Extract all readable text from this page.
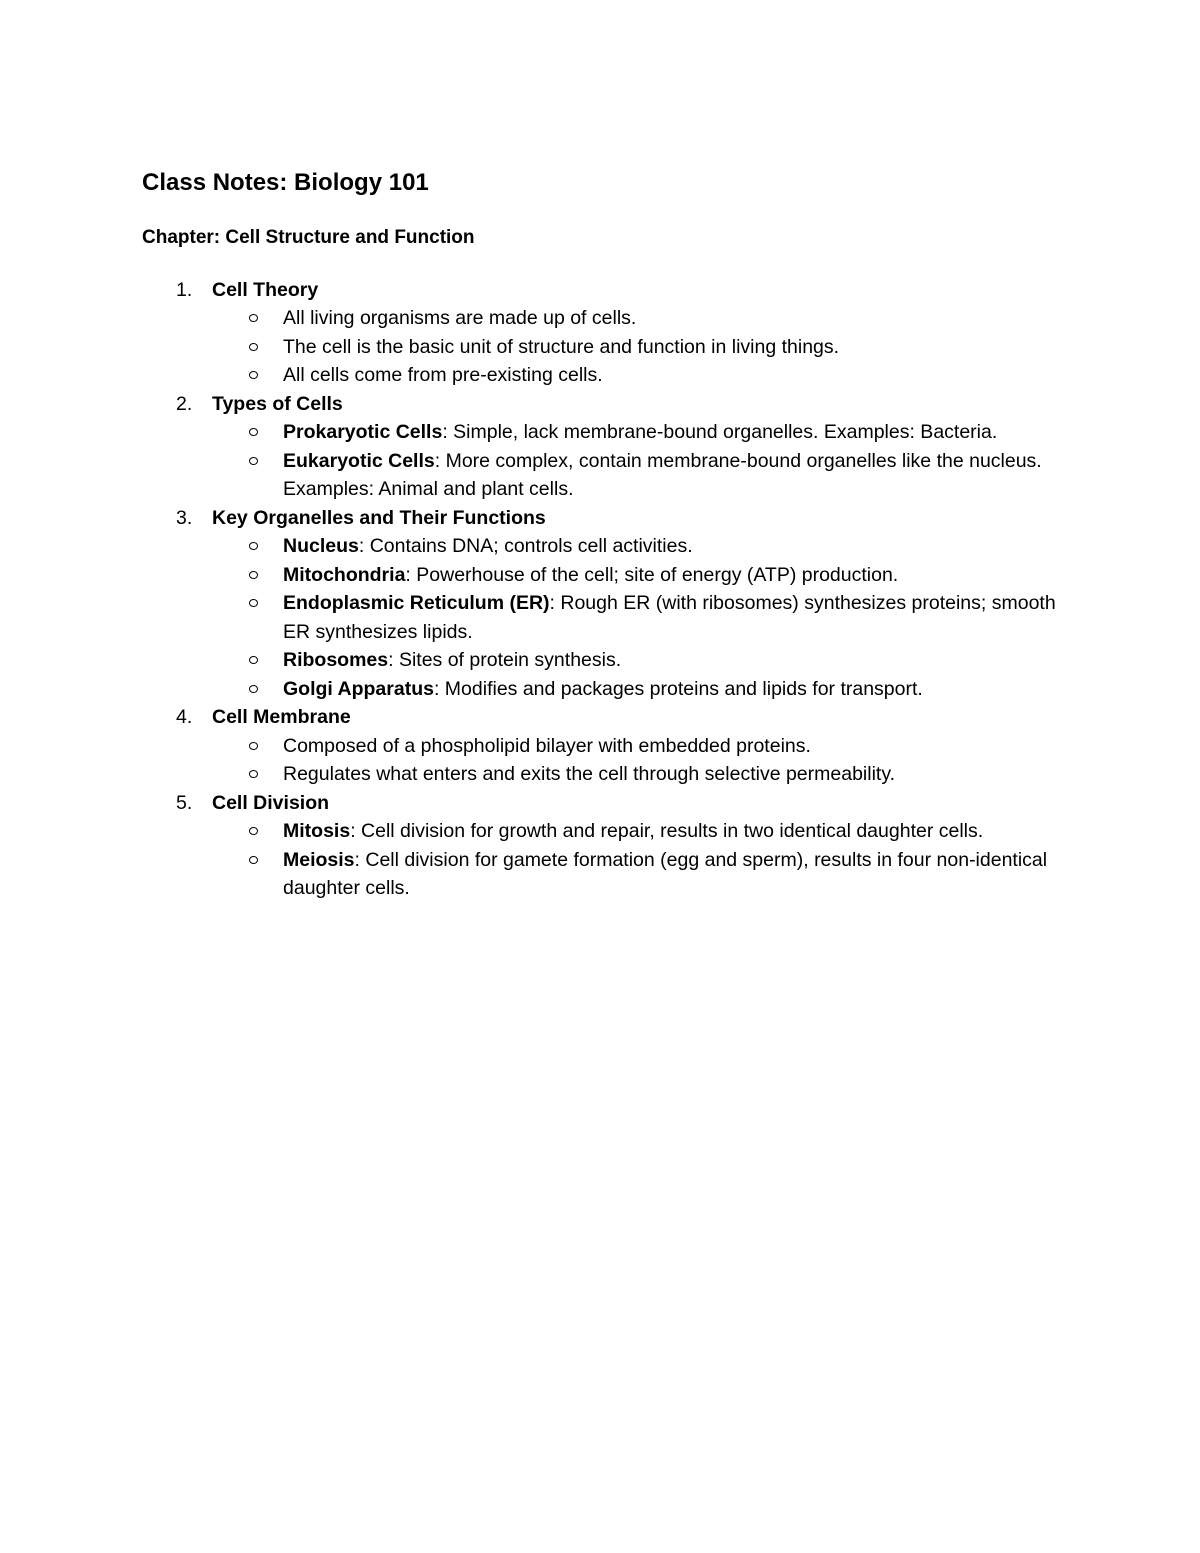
Class Notes: Biology 101
Chapter: Cell Structure and Function
1.	Cell Theory
All living organisms are made up of cells.
The cell is the basic unit of structure and function in living things.
All cells come from pre-existing cells.
2.	Types of Cells
Prokaryotic Cells: Simple, lack membrane-bound organelles. Examples: Bacteria.
Eukaryotic Cells: More complex, contain membrane-bound organelles like the nucleus. Examples: Animal and plant cells.
3.	Key Organelles and Their Functions
Nucleus: Contains DNA; controls cell activities.
Mitochondria: Powerhouse of the cell; site of energy (ATP) production.
Endoplasmic Reticulum (ER): Rough ER (with ribosomes) synthesizes proteins; smooth ER synthesizes lipids.
Ribosomes: Sites of protein synthesis.
Golgi Apparatus: Modifies and packages proteins and lipids for transport.
4.	Cell Membrane
Composed of a phospholipid bilayer with embedded proteins.
Regulates what enters and exits the cell through selective permeability.
5.	Cell Division
Mitosis: Cell division for growth and repair, results in two identical daughter cells.
Meiosis: Cell division for gamete formation (egg and sperm), results in four non-identical daughter cells.
